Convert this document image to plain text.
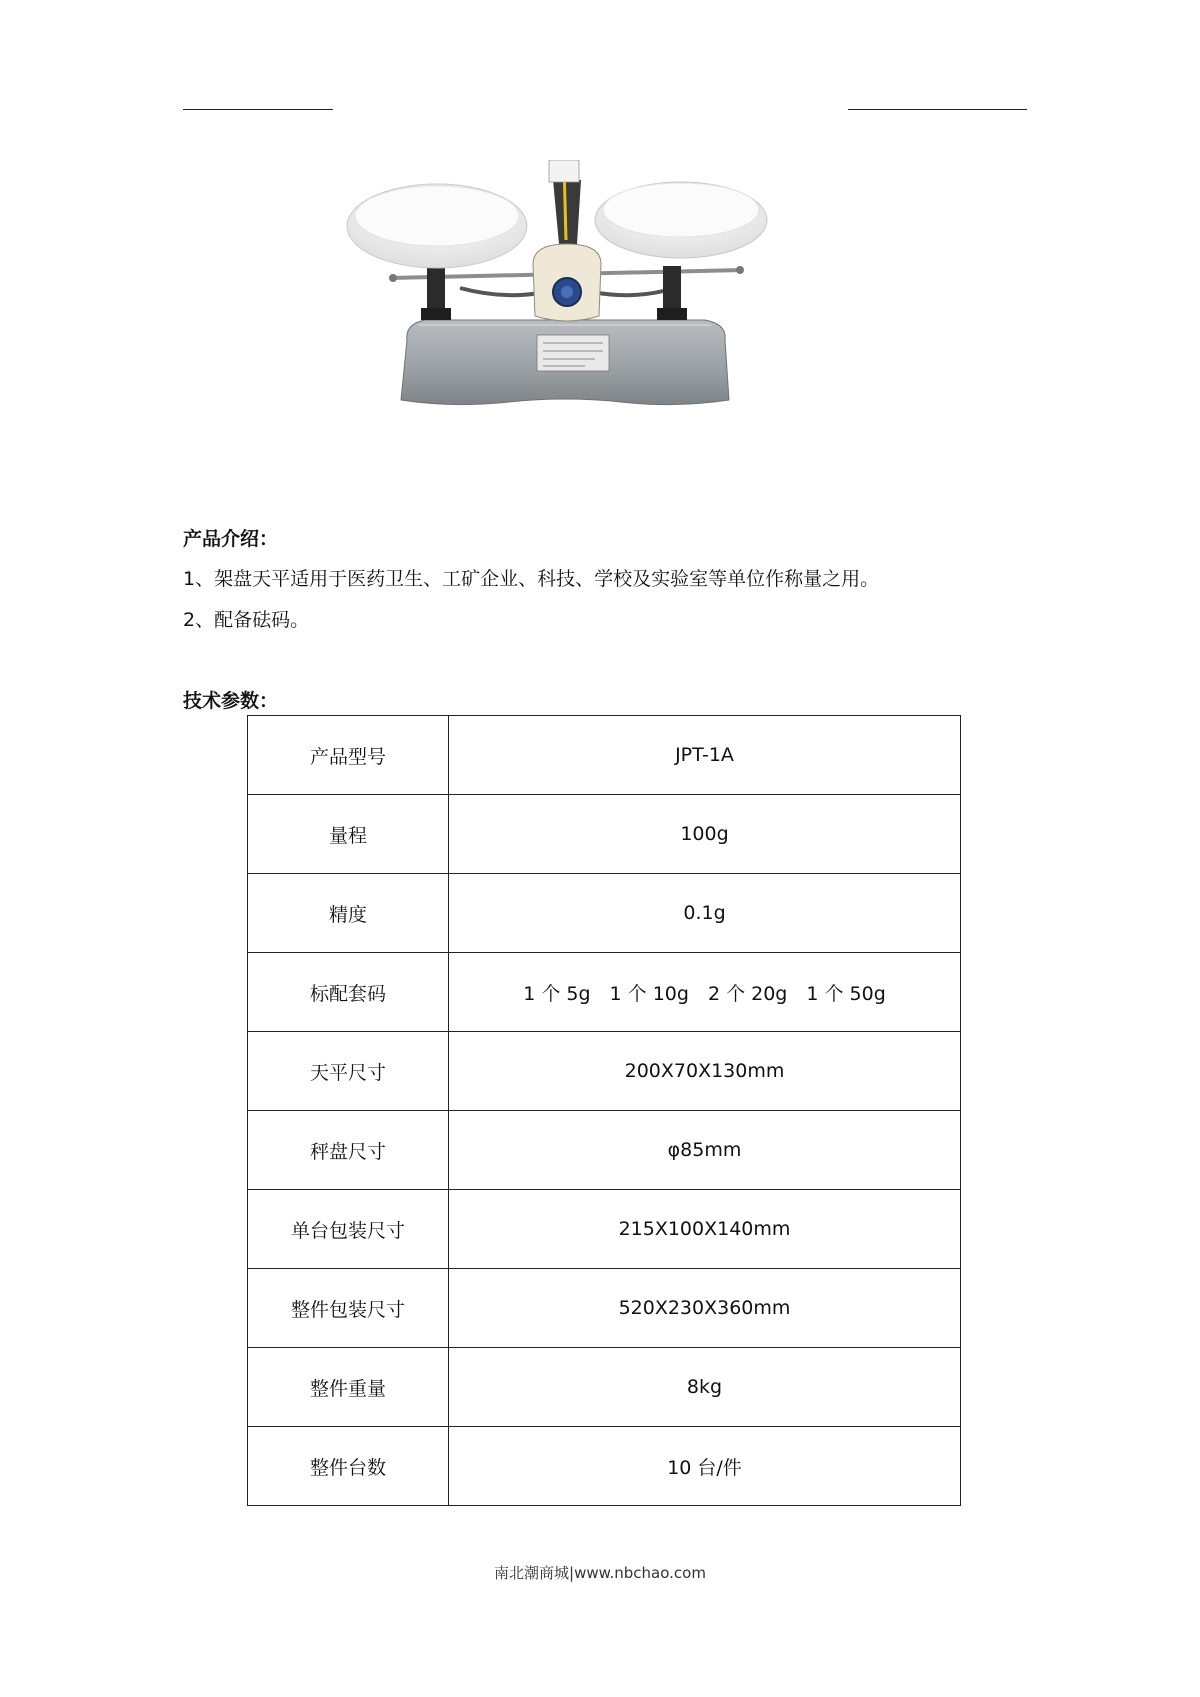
产品介绍：
1、架盘天平适用于医药卫生、工矿企业、科技、学校及实验室等单位作称量之用。
2、配备砝码。
技术参数：
产品型号	JPT-1A
量程	100g
精度	0.1g
标配套码	1 个 5g　1 个 10g　2 个 20g　1 个 50g
天平尺寸	200X70X130mm
秤盘尺寸	φ85mm
单台包装尺寸	215X100X140mm
整件包装尺寸	520X230X360mm
整件重量	8kg
整件台数	10 台/件
南北潮商城|www.nbchao.com
